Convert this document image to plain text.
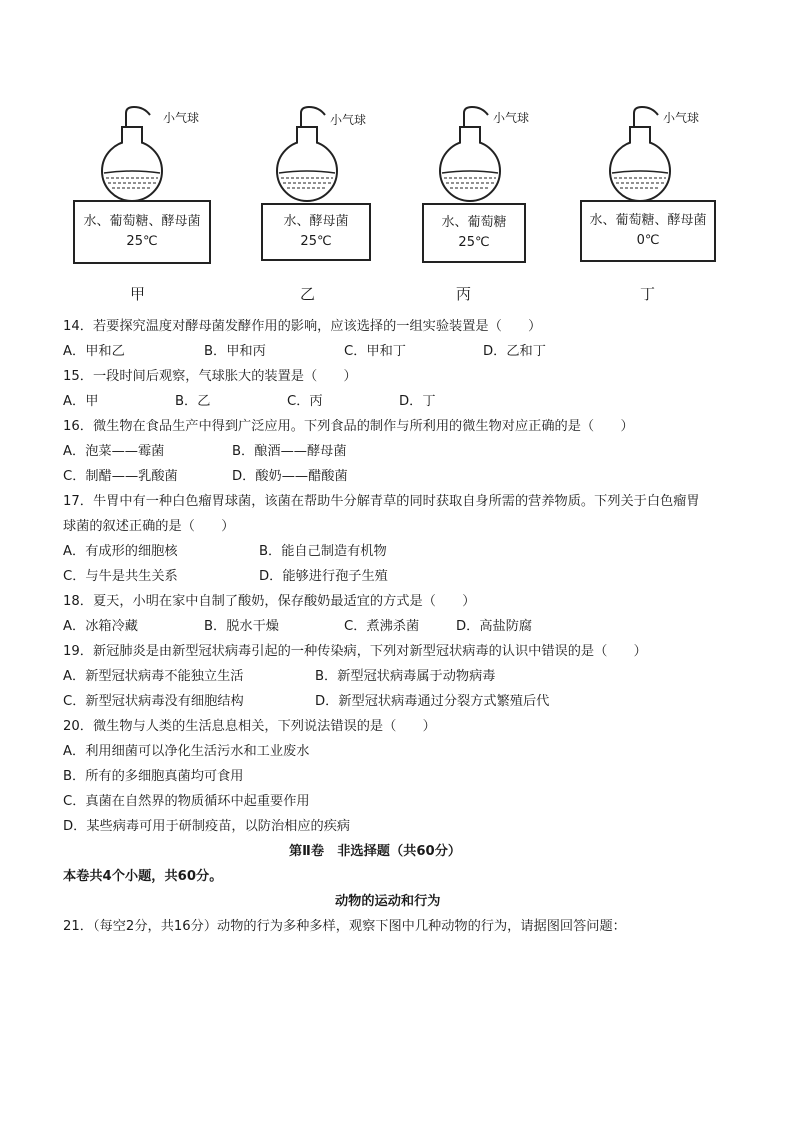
小气球
水、葡萄糖、酵母菌
25℃
甲
小气球
水、酵母菌
25℃
乙
小气球
水、葡萄糖
25℃
丙
小气球
水、葡萄糖、酵母菌
0℃
丁
14．若要探究温度对酵母菌发酵作用的影响，应该选择的一组实验装置是（　　）
A．甲和乙	B．甲和丙	C．甲和丁	D．乙和丁
15．一段时间后观察，气球胀大的装置是（　　）
A．甲	B．乙	C．丙	D．丁
16．微生物在食品生产中得到广泛应用。下列食品的制作与所利用的微生物对应正确的是（　　）
A．泡菜——霉菌	B．酿酒——酵母菌
C．制醋——乳酸菌	D．酸奶——醋酸菌
17．牛胃中有一种白色瘤胃球菌，该菌在帮助牛分解青草的同时获取自身所需的营养物质。下列关于白色瘤胃
球菌的叙述正确的是（　　）
A．有成形的细胞核	B．能自己制造有机物
C．与牛是共生关系	D．能够进行孢子生殖
18．夏天，小明在家中自制了酸奶，保存酸奶最适宜的方式是（　　）
A．冰箱冷藏	B．脱水干燥	C．煮沸杀菌	D．高盐防腐
19．新冠肺炎是由新型冠状病毒引起的一种传染病，下列对新型冠状病毒的认识中错误的是（　　）
A．新型冠状病毒不能独立生活	B．新型冠状病毒属于动物病毒
C．新型冠状病毒没有细胞结构	D．新型冠状病毒通过分裂方式繁殖后代
20．微生物与人类的生活息息相关，下列说法错误的是（　　）
A．利用细菌可以净化生活污水和工业废水
B．所有的多细胞真菌均可食用
C．真菌在自然界的物质循环中起重要作用
D．某些病毒可用于研制疫苗，以防治相应的疾病
第Ⅱ卷　非选择题（共60分）
本卷共4个小题，共60分。
动物的运动和行为
21．（每空2分，共16分）动物的行为多种多样，观察下图中几种动物的行为，请据图回答问题：
